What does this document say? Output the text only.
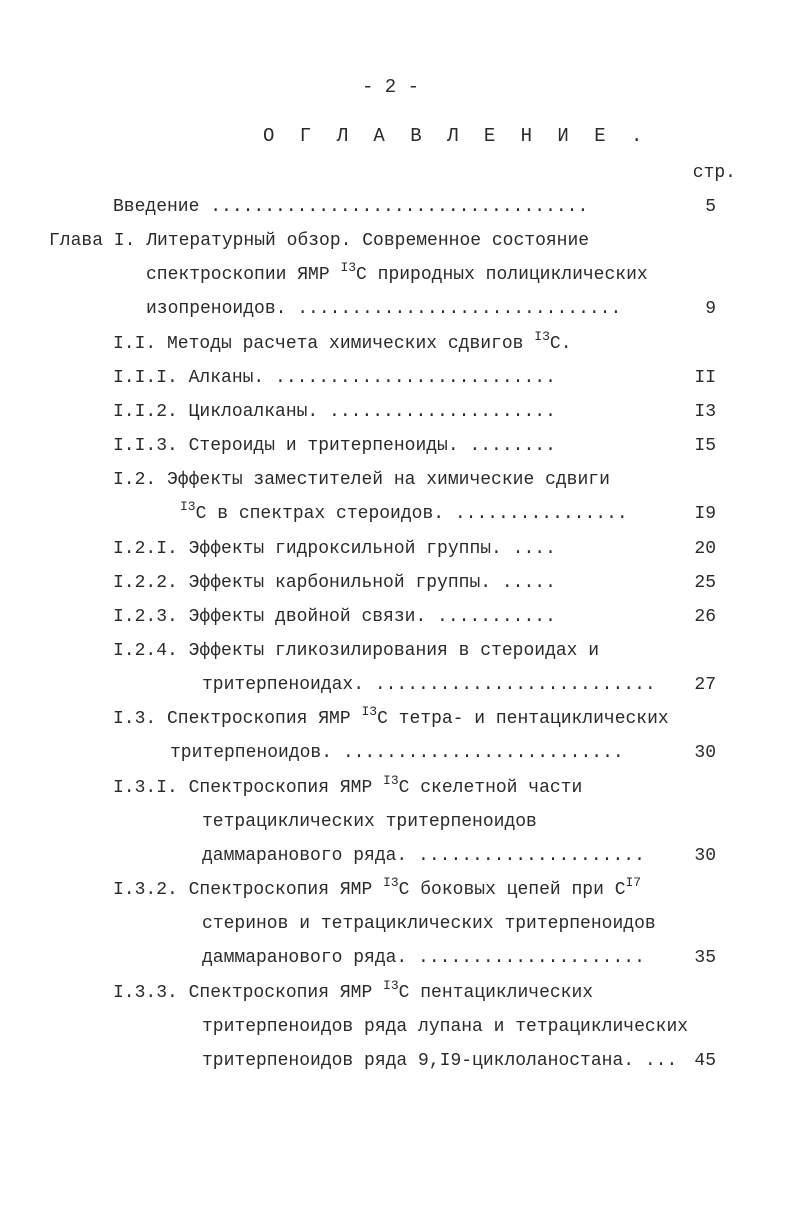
- 2 -
О Г Л А В Л Е Н И Е .
стр.
Введение ...................................	5
Глава I. Литературный обзор. Современное состояние
спектроскопии ЯМР $^{I3}$С природных полициклических
изопреноидов. ..............................	9
I.I. Методы расчета химических сдвигов $^{I3}$С.
I.I.I. Алканы. ..........................	II
I.I.2. Циклоалканы. .....................	I3
I.I.3. Стероиды и тритерпеноиды. ........	I5
I.2. Эффекты заместителей на химические сдвиги
$^{I3}$С в спектрах стероидов. ................	I9
I.2.I. Эффекты гидроксильной группы. ....	20
I.2.2. Эффекты карбонильной группы. .....	25
I.2.3. Эффекты двойной связи. ...........	26
I.2.4. Эффекты гликозилирования в стероидах и
тритерпеноидах. .......................... 27
I.3. Спектроскопия ЯМР $^{I3}$С тетра- и пентациклических
тритерпеноидов. ..........................	30
I.3.I. Спектроскопия ЯМР $^{I3}$С скелетной части
тетрациклических тритерпеноидов
даммаранового ряда. .....................	30
I.3.2. Спектроскопия ЯМР $^{I3}$С боковых цепей при $С^{I7}$
стеринов и тетрациклических тритерпеноидов
даммаранового ряда. .....................	35
I.3.3. Спектроскопия ЯМР $^{I3}$С пентациклических
тритерпеноидов ряда лупана и тетрациклических
тритерпеноидов ряда 9,I9-циклоланостана. ... 45
